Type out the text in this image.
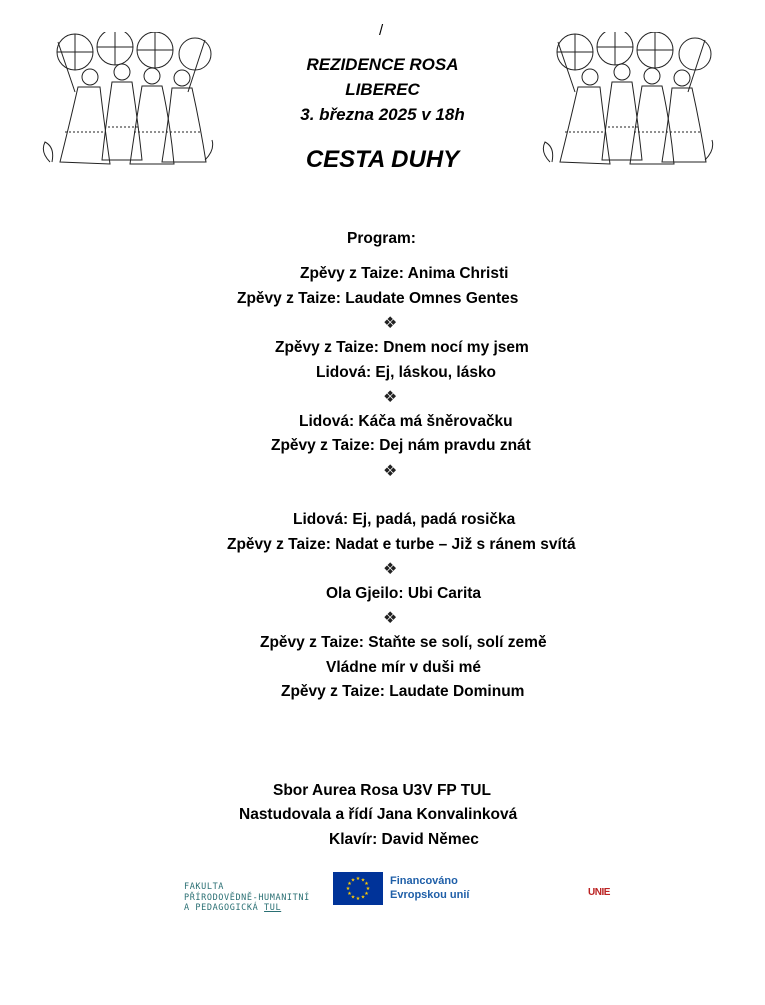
/
REZIDENCE ROSA
LIBEREC
3. března 2025 v 18h
CESTA DUHY
Program:
Zpěvy z Taize: Anima Christi
Zpěvy z Taize: Laudate Omnes Gentes
❖
Zpěvy z Taize: Dnem nocí my jsem
Lidová: Ej, láskou, lásko
❖
Lidová: Káča má šněrovačku
Zpěvy z Taize: Dej nám pravdu znát
❖
Lidová: Ej, padá, padá rosička
Zpěvy z Taize: Nadat e turbe – Již s ránem svítá
❖
Ola Gjeilo: Ubi Carita
❖
Zpěvy z Taize: Staňte se solí, solí země
Vládne mír v duši mé
Zpěvy z Taize: Laudate Dominum
Sbor Aurea Rosa U3V FP TUL
Nastudovala a řídí Jana Konvalinková
Klavír: David Němec
FAKULTA
PŘÍRODOVĚDNĚ-HUMANITNÍ
A PEDAGOGICKÁ TUL
★ ★
★
★
★
★
★
★
★
★
★
★	Financováno
Evropskou unií	UNIE
